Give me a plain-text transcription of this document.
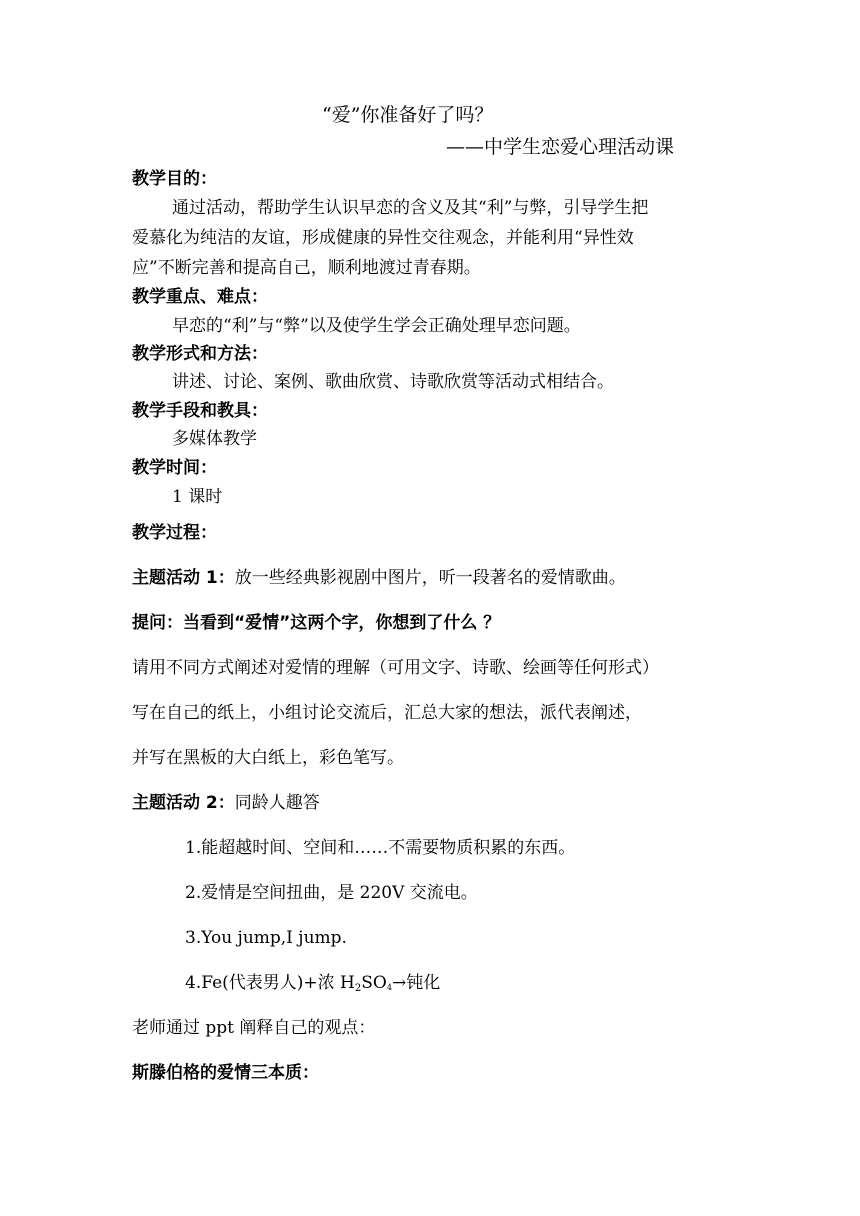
“爱”你准备好了吗？
——中学生恋爱心理活动课
教学目的：
通过活动，帮助学生认识早恋的含义及其“利”与弊，引导学生把
爱慕化为纯洁的友谊，形成健康的异性交往观念，并能利用“异性效
应”不断完善和提高自己，顺利地渡过青春期。
教学重点、难点：
早恋的“利”与“弊”以及使学生学会正确处理早恋问题。
教学形式和方法：
讲述、讨论、案例、歌曲欣赏、诗歌欣赏等活动式相结合。
教学手段和教具：
多媒体教学
教学时间：
1 课时
教学过程：
主题活动 1：放一些经典影视剧中图片，听一段著名的爱情歌曲。
提问：当看到“爱情”这两个字，你想到了什么 ？
请用不同方式阐述对爱情的理解（可用文字、诗歌、绘画等任何形式）
写在自己的纸上，小组讨论交流后，汇总大家的想法，派代表阐述，
并写在黑板的大白纸上，彩色笔写。
主题活动 2：同龄人趣答
1.能超越时间、空间和……不需要物质积累的东西。
2.爱情是空间扭曲，是 220V 交流电。
3.You jump,I jump.
4.Fe(代表男人)+浓 $H_2SO4\to$钝化
老师通过 ppt 阐释自己的观点：
斯滕伯格的爱情三本质：
